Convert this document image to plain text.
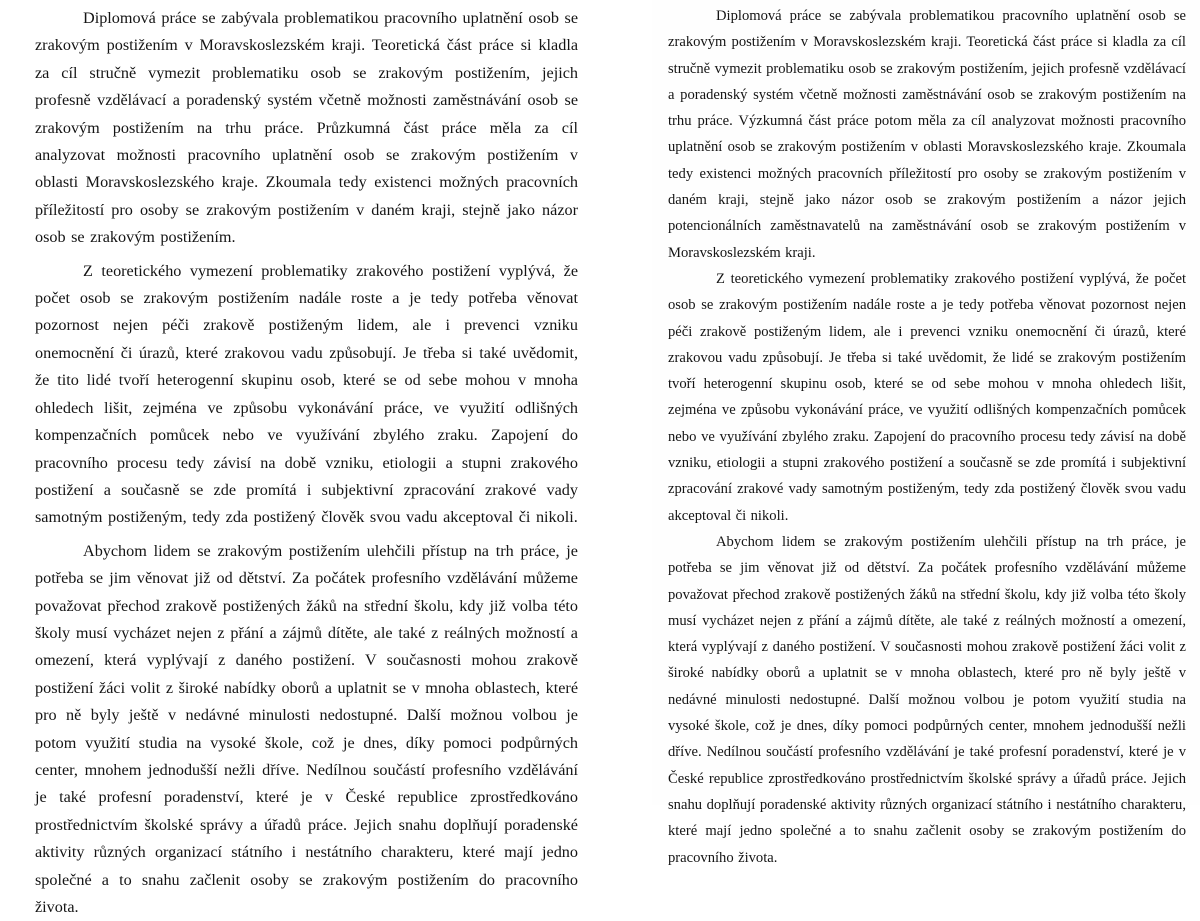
Diplomová práce se zabývala problematikou pracovního uplatnění osob se zrakovým postižením v Moravskoslezském kraji. Teoretická část práce si kladla za cíl stručně vymezit problematiku osob se zrakovým postižením, jejich profesně vzdělávací a poradenský systém včetně možnosti zaměstnávání osob se zrakovým postižením na trhu práce. Průzkumná část práce měla za cíl analyzovat možnosti pracovního uplatnění osob se zrakovým postižením v oblasti Moravskoslezského kraje. Zkoumala tedy existenci možných pracovních příležitostí pro osoby se zrakovým postižením v daném kraji, stejně jako názor osob se zrakovým postižením.

Z teoretického vymezení problematiky zrakového postižení vyplývá, že počet osob se zrakovým postižením nadále roste a je tedy potřeba věnovat pozornost nejen péči zrakově postiženým lidem, ale i prevenci vzniku onemocnění či úrazů, které zrakovou vadu způsobují. Je třeba si také uvědomit, že tito lidé tvoří heterogenní skupinu osob, které se od sebe mohou v mnoha ohledech lišit, zejména ve způsobu vykonávání práce, ve využití odlišných kompenzačních pomůcek nebo ve využívání zbylého zraku. Zapojení do pracovního procesu tedy závisí na době vzniku, etiologii a stupni zrakového postižení a současně se zde promítá i subjektivní zpracování zrakové vady samotným postiženým, tedy zda postižený člověk svou vadu akceptoval či nikoli.

Abychom lidem se zrakovým postižením ulehčili přístup na trh práce, je potřeba se jim věnovat již od dětství. Za počátek profesního vzdělávání můžeme považovat přechod zrakově postižených žáků na střední školu, kdy již volba této školy musí vycházet nejen z přání a zájmů dítěte, ale také z reálných možností a omezení, která vyplývají z daného postižení. V současnosti mohou zrakově postižení žáci volit z široké nabídky oborů a uplatnit se v mnoha oblastech, které pro ně byly ještě v nedávné minulosti nedostupné. Další možnou volbou je potom využití studia na vysoké škole, což je dnes, díky pomoci podpůrných center, mnohem jednodušší nežli dříve. Nedílnou součástí profesního vzdělávání je také profesní poradenství, které je v České republice zprostředkováno prostřednictvím školské správy a úřadů práce. Jejich snahu doplňují poradenské aktivity různých organizací státního i nestátního charakteru, které mají jedno společné a to snahu začlenit osoby se zrakovým postižením do pracovního života.

Diplomová práce se zabývala problematikou pracovního uplatnění osob se zrakovým postižením v Moravskoslezském kraji. Teoretická část práce si kladla za cíl stručně vymezit problematiku osob se zrakovým postižením, jejich profesně vzdělávací a poradenský systém včetně možnosti zaměstnávání osob se zrakovým postižením na trhu práce. Výzkumná část práce potom měla za cíl analyzovat možnosti pracovního uplatnění osob se zrakovým postižením v oblasti Moravskoslezského kraje. Zkoumala tedy existenci možných pracovních příležitostí pro osoby se zrakovým postižením v daném kraji, stejně jako názor osob se zrakovým postižením a názor jejich potencionálních zaměstnavatelů na zaměstnávání osob se zrakovým postižením v Moravskoslezském kraji.

Z teoretického vymezení problematiky zrakového postižení vyplývá, že počet osob se zrakovým postižením nadále roste a je tedy potřeba věnovat pozornost nejen péči zrakově postiženým lidem, ale i prevenci vzniku onemocnění či úrazů, které zrakovou vadu způsobují. Je třeba si také uvědomit, že lidé se zrakovým postižením tvoří heterogenní skupinu osob, které se od sebe mohou v mnoha ohledech lišit, zejména ve způsobu vykonávání práce, ve využití odlišných kompenzačních pomůcek nebo ve využívání zbylého zraku. Zapojení do pracovního procesu tedy závisí na době vzniku, etiologii a stupni zrakového postižení a současně se zde promítá i subjektivní zpracování zrakové vady samotným postiženým, tedy zda postižený člověk svou vadu akceptoval či nikoli.

Abychom lidem se zrakovým postižením ulehčili přístup na trh práce, je potřeba se jim věnovat již od dětství. Za počátek profesního vzdělávání můžeme považovat přechod zrakově postižených žáků na střední školu, kdy již volba této školy musí vycházet nejen z přání a zájmů dítěte, ale také z reálných možností a omezení, která vyplývají z daného postižení. V současnosti mohou zrakově postižení žáci volit z široké nabídky oborů a uplatnit se v mnoha oblastech, které pro ně byly ještě v nedávné minulosti nedostupné. Další možnou volbou je potom využití studia na vysoké škole, což je dnes, díky pomoci podpůrných center, mnohem jednodušší nežli dříve. Nedílnou součástí profesního vzdělávání je také profesní poradenství, které je v České republice zprostředkováno prostřednictvím školské správy a úřadů práce. Jejich snahu doplňují poradenské aktivity různých organizací státního i nestátního charakteru, které mají jedno společné a to snahu začlenit osoby se zrakovým postižením do pracovního života.
